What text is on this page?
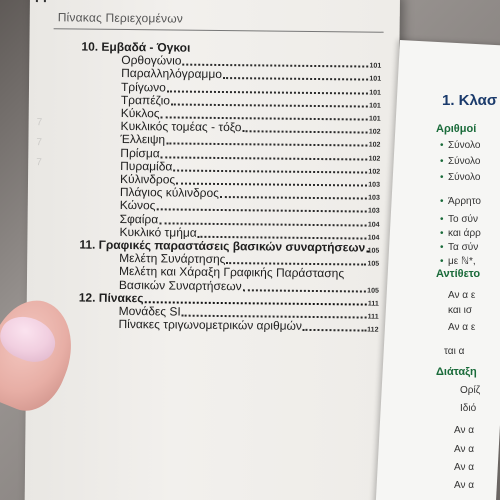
Πίνακας Περιεχομένων
7
7
7
10. Εμβαδά - Όγκοι
Ορθογώνιο	101
Παραλληλόγραμμο	101
Τρίγωνο	101
Τραπέζιο	101
Κύκλος	101
Κυκλικός τομέας - τόξο	102
Έλλειψη	102
Πρίσμα	102
Πυραμίδα	102
Κύλινδρος	103
Πλάγιος κύλινδρος	103
Κώνος	103
Σφαίρα	104
Κυκλικό τμήμα	104
11. Γραφικές παραστάσεις βασικών συναρτήσεων 105
Μελέτη Συνάρτησης	105
Μελέτη και Χάραξη Γραφικής Παράστασης
Βασικών Συναρτήσεων	105
12. Πίνακες	111
Μονάδες SI	111
Πίνακες τριγωνομετρικών αριθμών	112
1. Κλασ
Αριθμοί
• Σύνολο
• Σύνολο
• Σύνολο
• Άρρητο
• Το σύν
• και άρρ
• Τα σύν
• με ℕ*,
Αντίθετο
Αν α ε
και ισ
Αν α ε
ται α
Διάταξη
Ορίζ
Ιδιό
Αν α
Αν α
Αν α
Αν α
